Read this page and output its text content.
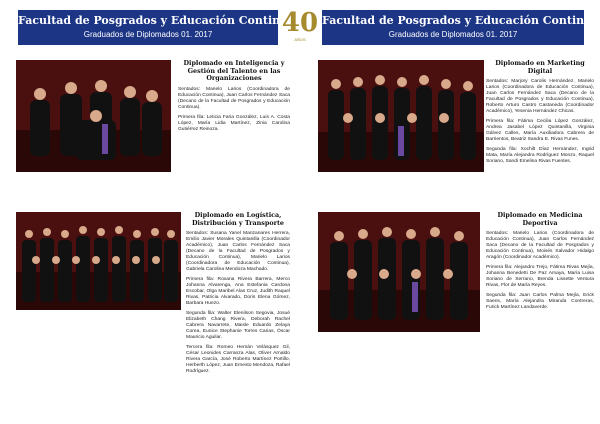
Facultad de Posgrados y Educación Continua
Graduados de Diplomados 01. 2017
Diplomado en Inteligencia y Gestión del Talento en las Organizaciones

Sentados: Marielo Larios (Coordinadora de Educación Continua), Juan Carlos Fernández Saca (Decano de la Facultad de Posgrados y Educación Continua).

Primera fila: Leticia Faria González, Luis A. Costa López, María Lidia Martínez, Zinia Carolina Gutiérrez Reinoza.

Diplomado en Logística, Distribución y Transporte

Sentados: Susana Yanel Manzanares Herrera, Emilio Javier Morales Quintanilla (Coordinador Académico), Juan Carlos Fernández Saca (Decano de la Facultad de Posgrados y Educación Continua), Marielo Larios (Coordinadora de Educación Continua), Gabriela Carolina Mendoza Machado.

Primera fila: Roxana Rivera Barrera, Merco Johanna Alvarenga, Ana Estefania Cardona Escobar, Olga Maribel Alas Cruz, Judith Raquel Rivas, Patricia Alvarado, Doris Elena Gómez, Barbara Huezo.

Segunda fila: Walter Elenilson Segovia, Josué Elizabeth Chang Rivera, Deborah Rachel Cabrera Navarrete, Maisle Eduardo Zelaya Corea, Eunice Stephanie Torres Carias, Óscar Mauricio Aguilar.

Tercera fila: Romeo Hernán Velásquez Gil, César Leonides Carranza Alas, Oliver Arnaldo Rivera García, José Roberto Martínez Portillo, Herberth López, Juan Ernesto Mendoza, Rafael Rodríguez.

40
AÑOS
Facultad de Posgrados y Educación Continua
Graduados de Diplomados 01. 2017
Diplomado en Marketing Digital

Sentados: Marjory Carolis Hernández, Marielo Larios (Coordinadora de Educación Continua), Juan Carlos Fernández Saca (Decano de la Facultad de Posgrados y Educación Continua), Roberto Arturo Castro Castaneda (Coordinador Académico), Yesenia Hernández Chicas.

Primera fila: Fátima Cecilia López González, Andrea Jasabel López Quintanilla, Virginia Gálvez Calles, María Auxiliadora Cabrera de Barrientos, Beatriz Sandra E. Rivas Funes.

Segunda fila: Xochilt Díaz Hernández, Ingrid Mata, María Alejandra Rodríguez Monzo, Raquel Soriano, Sandi Emelina Rivas Fuentes.

Diplomado en Medicina Deportiva

Sentados: Marielo Larios (Coordinadora de Educación Continua), Juan Carlos Fernández Saca (Decano de la Facultad de Posgrados y Educación Continua), Moisés Salvador Hidalgo Aragón (Coordinador Académico).

Primera fila: Alejandro Trejo, Fátima Rivas Mejía, Johanna Benedetti De Paz Amaya, María Luisa Soriano de Serrano, Brenda Lissette Ventura Rivas, Flor de María Reyes.

Segunda fila: Juan Carlos Palma Mejía, Erick Saens, María Alejandra Miranda Contreras, Furick Martínez Landaverde.
